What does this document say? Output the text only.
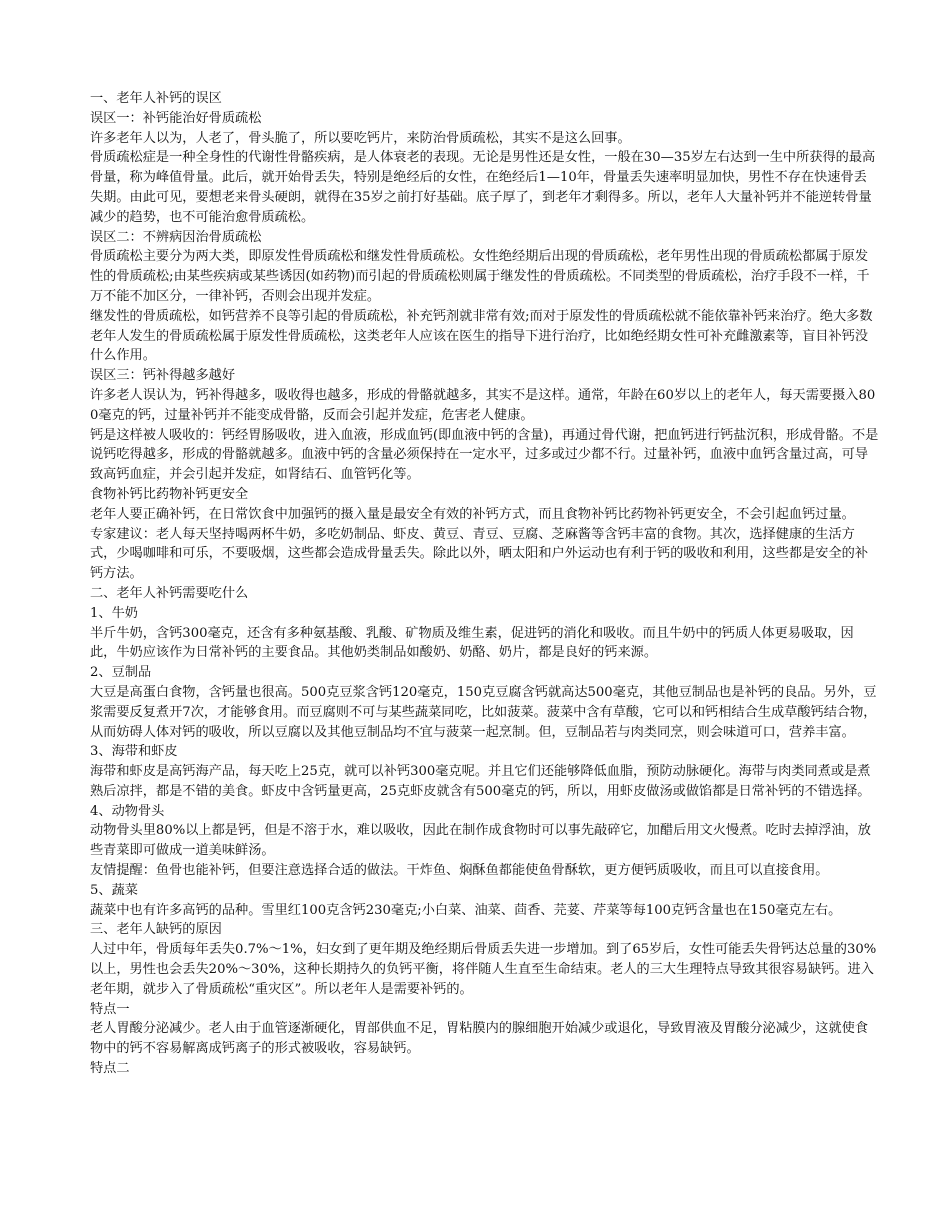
一、老年人补钙的误区
误区一：补钙能治好骨质疏松
许多老年人以为，人老了，骨头脆了，所以要吃钙片，来防治骨质疏松，其实不是这么回事。
骨质疏松症是一种全身性的代谢性骨骼疾病，是人体衰老的表现。无论是男性还是女性，一般在30—35岁左右达到一生中所获得的最高骨量，称为峰值骨量。此后，就开始骨丢失，特别是绝经后的女性，在绝经后1—10年，骨量丢失速率明显加快，男性不存在快速骨丢失期。由此可见，要想老来骨头硬朗，就得在35岁之前打好基础。底子厚了，到老年才剩得多。所以，老年人大量补钙并不能逆转骨量减少的趋势，也不可能治愈骨质疏松。
误区二：不辨病因治骨质疏松
骨质疏松主要分为两大类，即原发性骨质疏松和继发性骨质疏松。女性绝经期后出现的骨质疏松，老年男性出现的骨质疏松都属于原发性的骨质疏松;由某些疾病或某些诱因(如药物)而引起的骨质疏松则属于继发性的骨质疏松。不同类型的骨质疏松，治疗手段不一样，千万不能不加区分，一律补钙，否则会出现并发症。
继发性的骨质疏松，如钙营养不良等引起的骨质疏松，补充钙剂就非常有效;而对于原发性的骨质疏松就不能依靠补钙来治疗。绝大多数老年人发生的骨质疏松属于原发性骨质疏松，这类老年人应该在医生的指导下进行治疗，比如绝经期女性可补充雌激素等，盲目补钙没什么作用。
误区三：钙补得越多越好
许多老人误认为，钙补得越多，吸收得也越多，形成的骨骼就越多，其实不是这样。通常，年龄在60岁以上的老年人，每天需要摄入800毫克的钙，过量补钙并不能变成骨骼，反而会引起并发症，危害老人健康。
钙是这样被人吸收的：钙经胃肠吸收，进入血液，形成血钙(即血液中钙的含量)，再通过骨代谢，把血钙进行钙盐沉积，形成骨骼。不是说钙吃得越多，形成的骨骼就越多。血液中钙的含量必须保持在一定水平，过多或过少都不行。过量补钙，血液中血钙含量过高，可导致高钙血症，并会引起并发症，如肾结石、血管钙化等。
食物补钙比药物补钙更安全
老年人要正确补钙，在日常饮食中加强钙的摄入量是最安全有效的补钙方式，而且食物补钙比药物补钙更安全，不会引起血钙过量。
专家建议：老人每天坚持喝两杯牛奶，多吃奶制品、虾皮、黄豆、青豆、豆腐、芝麻酱等含钙丰富的食物。其次，选择健康的生活方式，少喝咖啡和可乐，不要吸烟，这些都会造成骨量丢失。除此以外，晒太阳和户外运动也有利于钙的吸收和利用，这些都是安全的补钙方法。
二、老年人补钙需要吃什么
1、牛奶
半斤牛奶，含钙300毫克，还含有多种氨基酸、乳酸、矿物质及维生素，促进钙的消化和吸收。而且牛奶中的钙质人体更易吸取，因此，牛奶应该作为日常补钙的主要食品。其他奶类制品如酸奶、奶酪、奶片，都是良好的钙来源。
2、豆制品
大豆是高蛋白食物，含钙量也很高。500克豆浆含钙120毫克，150克豆腐含钙就高达500毫克，其他豆制品也是补钙的良品。另外，豆浆需要反复煮开7次，才能够食用。而豆腐则不可与某些蔬菜同吃，比如菠菜。菠菜中含有草酸，它可以和钙相结合生成草酸钙结合物，从而妨碍人体对钙的吸收，所以豆腐以及其他豆制品均不宜与菠菜一起烹制。但，豆制品若与肉类同烹，则会味道可口，营养丰富。
3、海带和虾皮
海带和虾皮是高钙海产品，每天吃上25克，就可以补钙300毫克呢。并且它们还能够降低血脂，预防动脉硬化。海带与肉类同煮或是煮熟后凉拌，都是不错的美食。虾皮中含钙量更高，25克虾皮就含有500毫克的钙，所以，用虾皮做汤或做馅都是日常补钙的不错选择。
4、动物骨头
动物骨头里80%以上都是钙，但是不溶于水，难以吸收，因此在制作成食物时可以事先敲碎它，加醋后用文火慢煮。吃时去掉浮油，放些青菜即可做成一道美味鲜汤。
友情提醒：鱼骨也能补钙，但要注意选择合适的做法。干炸鱼、焖酥鱼都能使鱼骨酥软，更方便钙质吸收，而且可以直接食用。
5、蔬菜
蔬菜中也有许多高钙的品种。雪里红100克含钙230毫克;小白菜、油菜、茴香、芫荽、芹菜等每100克钙含量也在150毫克左右。
三、老年人缺钙的原因
人过中年，骨质每年丢失0.7%～1%，妇女到了更年期及绝经期后骨质丢失进一步增加。到了65岁后，女性可能丢失骨钙达总量的30%以上，男性也会丢失20%～30%，这种长期持久的负钙平衡，将伴随人生直至生命结束。老人的三大生理特点导致其很容易缺钙。进入老年期，就步入了骨质疏松“重灾区”。所以老年人是需要补钙的。
特点一
老人胃酸分泌减少。老人由于血管逐渐硬化，胃部供血不足，胃粘膜内的腺细胞开始减少或退化，导致胃液及胃酸分泌减少，这就使食物中的钙不容易解离成钙离子的形式被吸收，容易缺钙。
特点二
